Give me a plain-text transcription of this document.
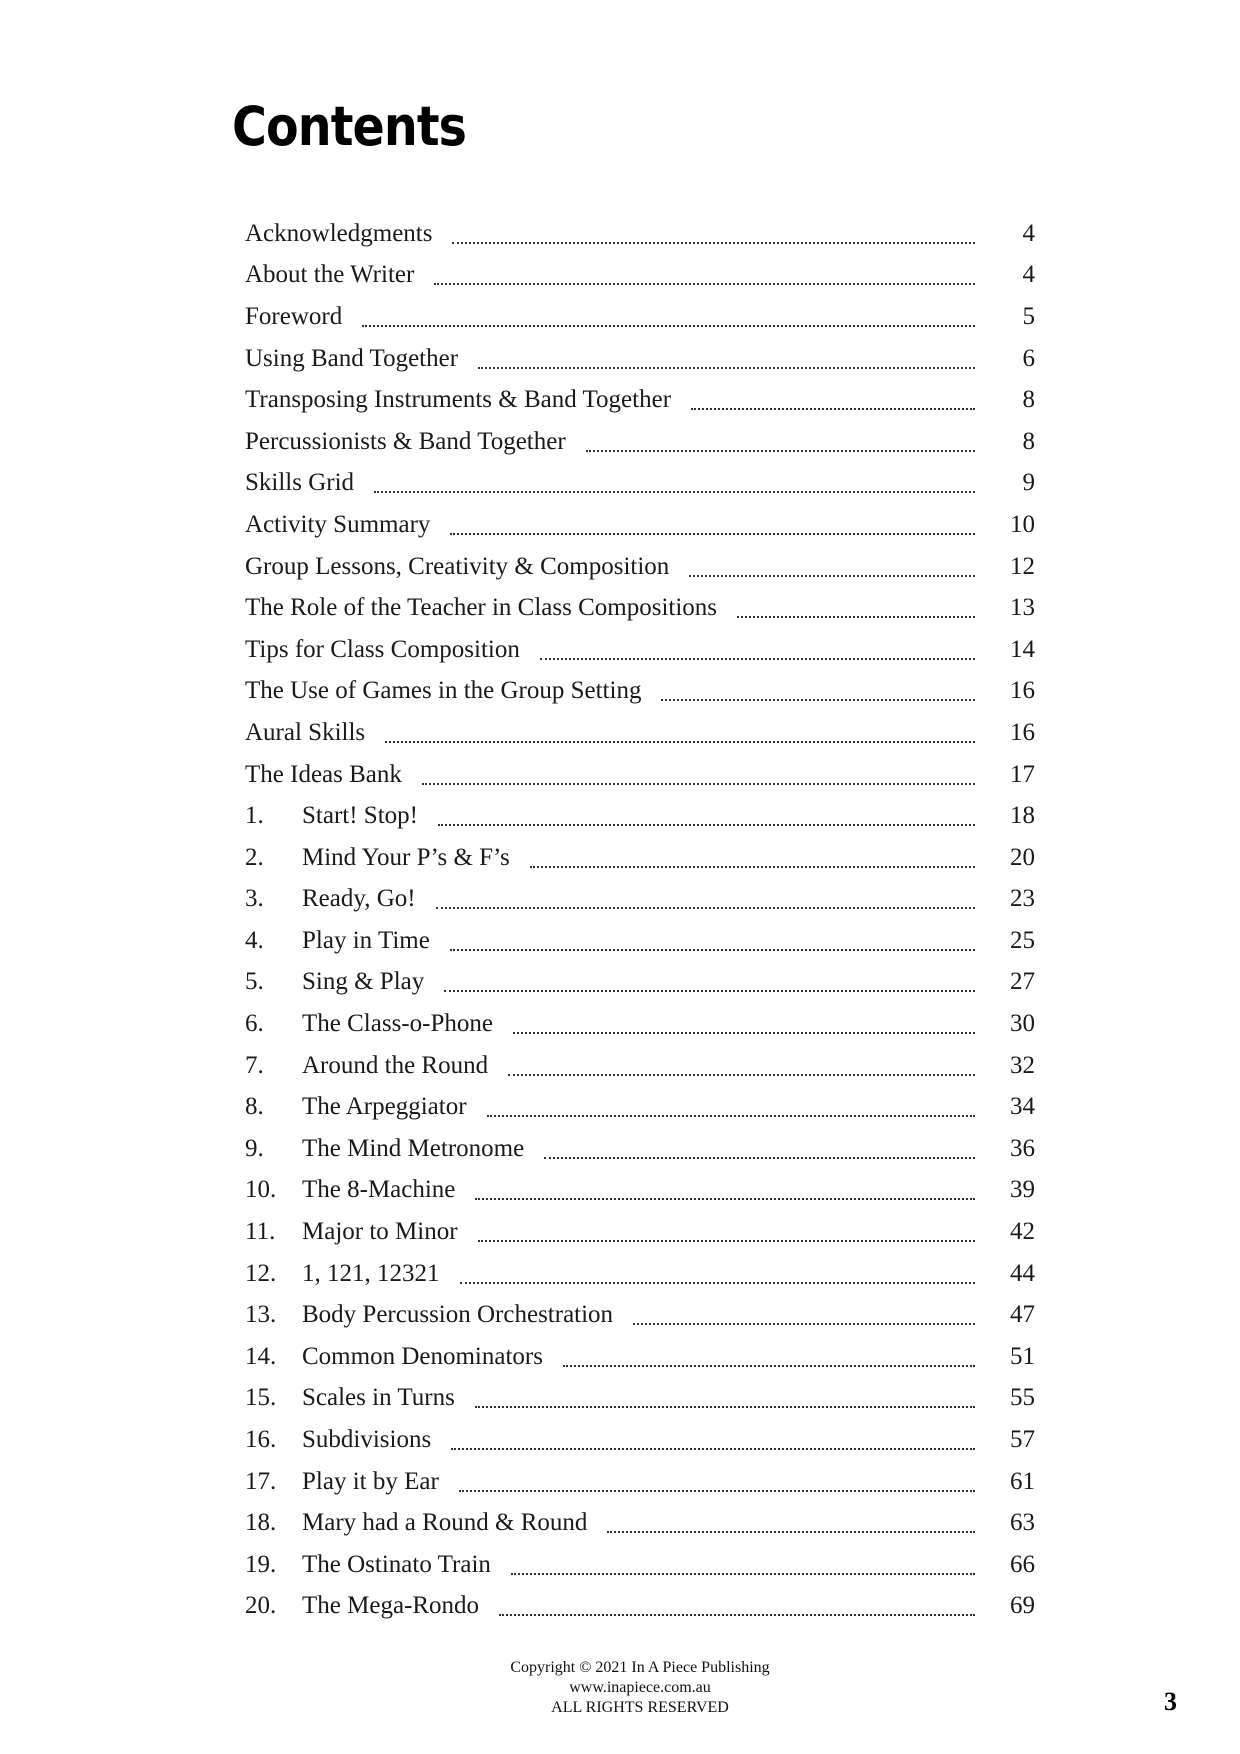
Contents
Acknowledgments	4
About the Writer	4
Foreword	5
Using Band Together	6
Transposing Instruments & Band Together	8
Percussionists & Band Together	8
Skills Grid	9
Activity Summary	10
Group Lessons, Creativity & Composition	12
The Role of the Teacher in Class Compositions	13
Tips for Class Composition	14
The Use of Games in the Group Setting	16
Aural Skills	16
The Ideas Bank	17
1.	Start! Stop!	18
2.	Mind Your P’s & F’s	20
3.	Ready, Go!	23
4.	Play in Time	25
5.	Sing & Play	27
6.	The Class-o-Phone	30
7.	Around the Round	32
8.	The Arpeggiator	34
9.	The Mind Metronome	36
10.	The 8-Machine	39
11.	Major to Minor	42
12.	1, 121, 12321	44
13.	Body Percussion Orchestration	47
14.	Common Denominators	51
15.	Scales in Turns	55
16.	Subdivisions	57
17.	Play it by Ear	61
18.	Mary had a Round & Round	63
19.	The Ostinato Train	66
20.	The Mega-Rondo	69
Copyright © 2021 In A Piece Publishing
www.inapiece.com.au
ALL RIGHTS RESERVED	3
